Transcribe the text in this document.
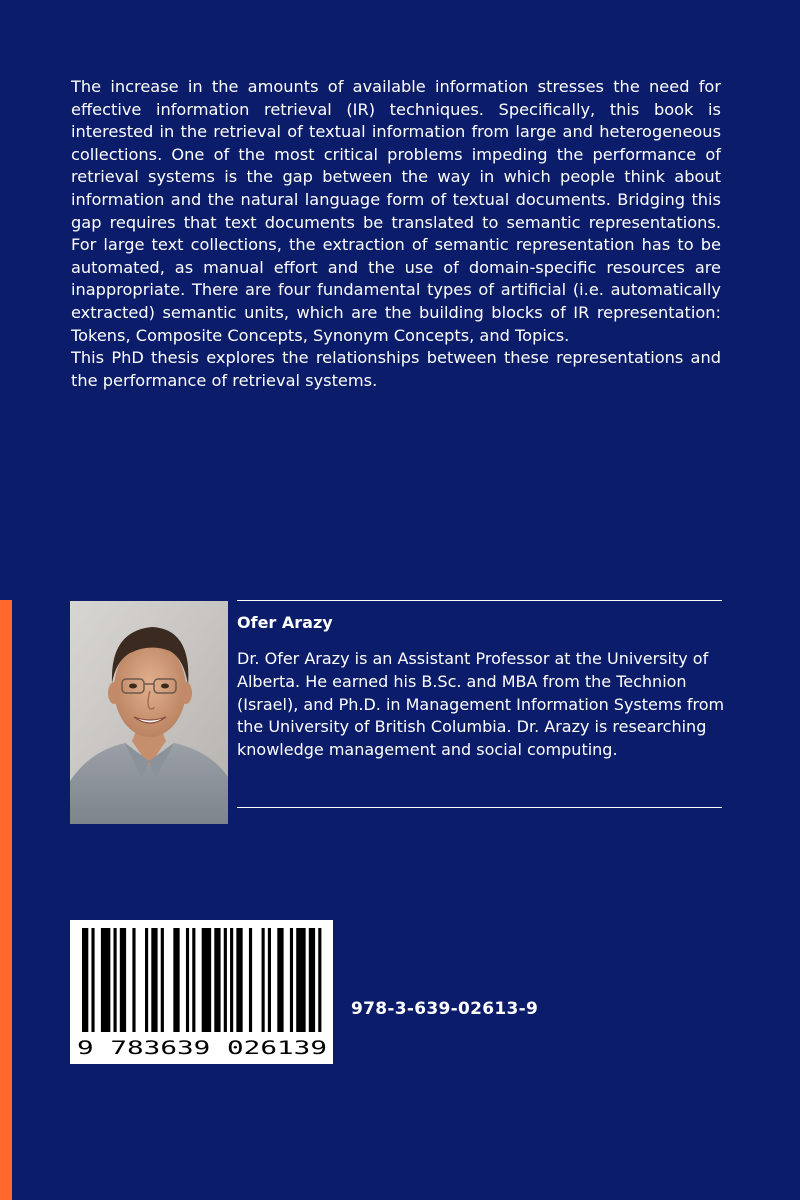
The increase in the amounts of available information stresses the need for effective information retrieval (IR) techniques. Specifically, this book is interested in the retrieval of textual information from large and heterogeneous collections. One of the most critical problems impeding the performance of retrieval systems is the gap between the way in which people think about information and the natural language form of textual documents. Bridging this gap requires that text documents be translated to semantic representations. For large text collections, the extraction of semantic representation has to be automated, as manual effort and the use of domain-specific resources are inappropriate. There are four fundamental types of artificial (i.e. automatically extracted) semantic units, which are the building blocks of IR representation: Tokens, Composite Concepts, Synonym Concepts, and Topics.

This PhD thesis explores the relationships between these representations and the performance of retrieval systems.

Ofer Arazy

Dr. Ofer Arazy is an Assistant Professor at the University of Alberta. He earned his B.Sc. and MBA from the Technion (Israel), and Ph.D. in Management Information Systems from the University of British Columbia. Dr. Arazy is researching knowledge management and social computing.

9 783639 026139

978-3-639-02613-9
